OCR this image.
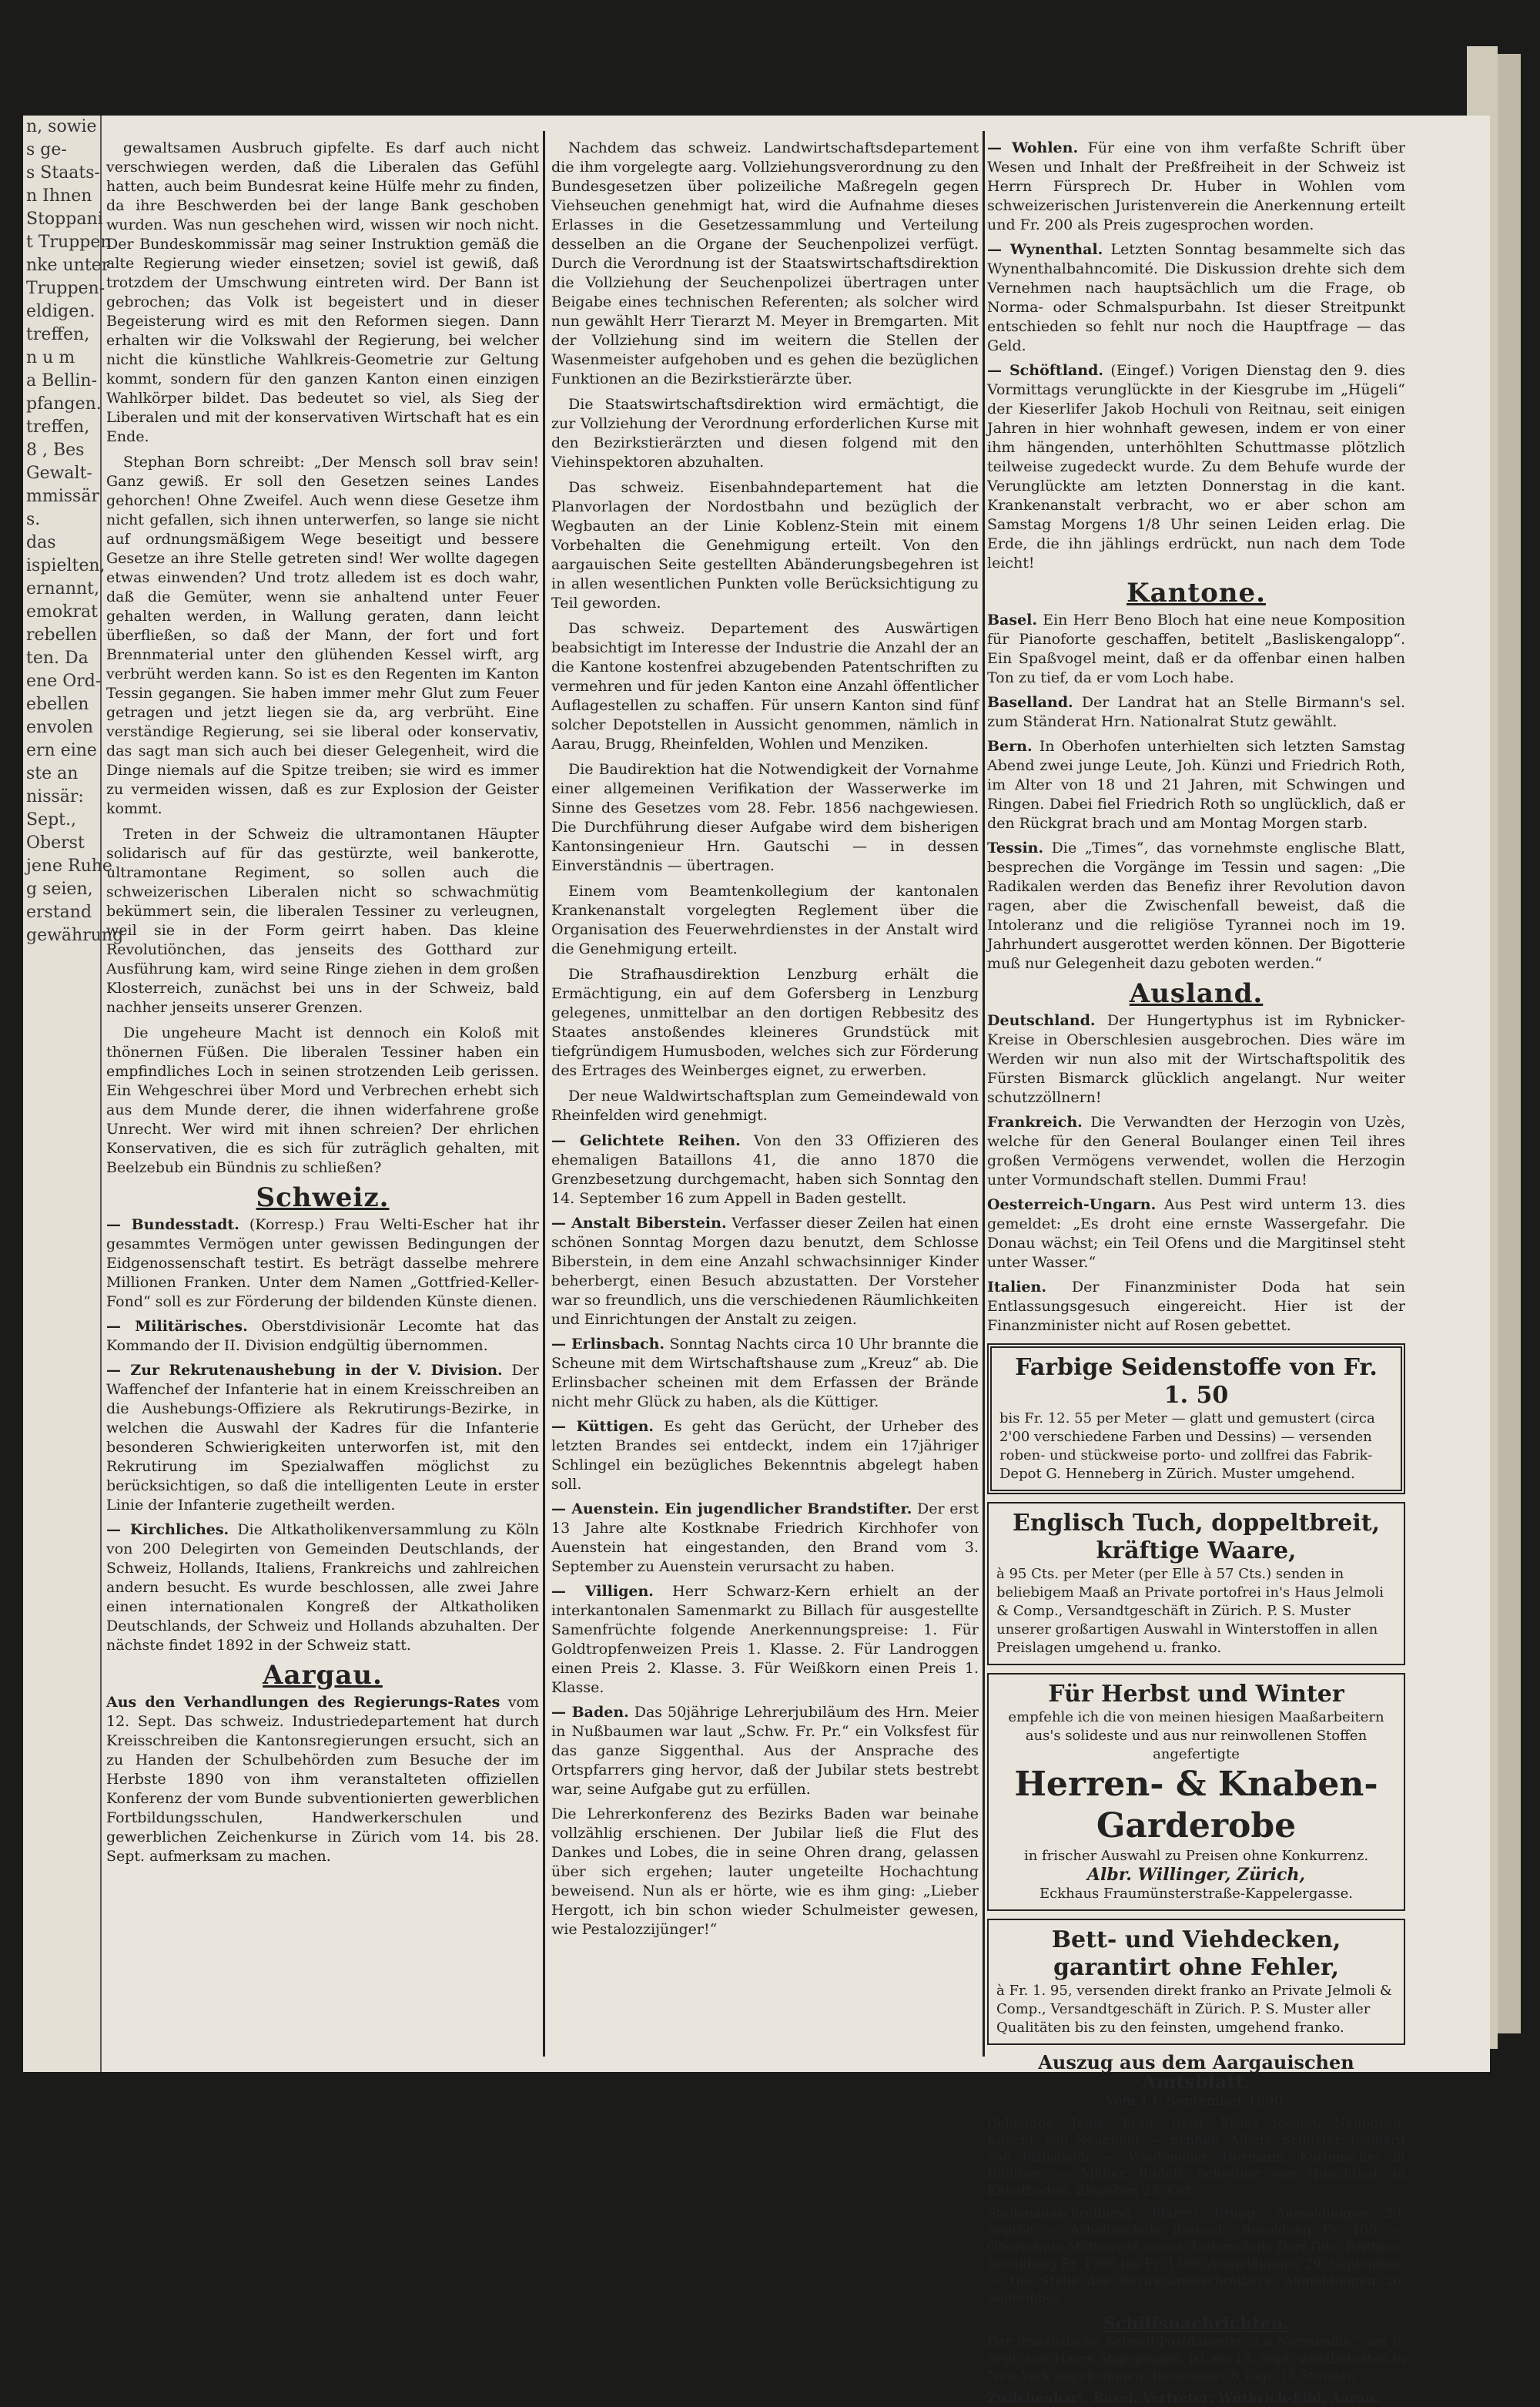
n, sowie

s ge-

s Staats-

n Ihnen

Stoppani

t Truppen

nke unter

Truppen-

eldigen.

treffen,

n u m

a Bellin-

pfangen.

treffen,

8 , Bes

Gewalt-

mmissär

s.

das

ispielten,

ernannt,

emokrat

rebellen

ten. Da

ene Ord-

ebellen

envolen

ern eine

ste an

nissär:

Sept.,

Oberst

jene Ruhe

g seien,

erstand

gewährung

gewaltsamen Ausbruch gipfelte. Es darf auch nicht verschwiegen werden, daß die Liberalen das Gefühl hatten, auch beim Bundesrat keine Hülfe mehr zu finden, da ihre Beschwerden bei der lange Bank geschoben wurden. Was nun geschehen wird, wissen wir noch nicht. Der Bundeskommissär mag seiner Instruktion gemäß die alte Regierung wieder einsetzen; soviel ist gewiß, daß trotzdem der Umschwung eintreten wird. Der Bann ist gebrochen; das Volk ist begeistert und in dieser Begeisterung wird es mit den Reformen siegen. Dann erhalten wir die Volkswahl der Regierung, bei welcher nicht die künstliche Wahlkreis-Geometrie zur Geltung kommt, sondern für den ganzen Kanton einen einzigen Wahlkörper bildet. Das bedeutet so viel, als Sieg der Liberalen und mit der konservativen Wirtschaft hat es ein Ende.

Stephan Born schreibt: „Der Mensch soll brav sein! Ganz gewiß. Er soll den Gesetzen seines Landes gehorchen! Ohne Zweifel. Auch wenn diese Gesetze ihm nicht gefallen, sich ihnen unterwerfen, so lange sie nicht auf ordnungsmäßigem Wege beseitigt und bessere Gesetze an ihre Stelle getreten sind! Wer wollte dagegen etwas einwenden? Und trotz alledem ist es doch wahr, daß die Gemüter, wenn sie anhaltend unter Feuer gehalten werden, in Wallung geraten, dann leicht überfließen, so daß der Mann, der fort und fort Brennmaterial unter den glühenden Kessel wirft, arg verbrüht werden kann. So ist es den Regenten im Kanton Tessin gegangen. Sie haben immer mehr Glut zum Feuer getragen und jetzt liegen sie da, arg verbrüht. Eine verständige Regierung, sei sie liberal oder konservativ, das sagt man sich auch bei dieser Gelegenheit, wird die Dinge niemals auf die Spitze treiben; sie wird es immer zu vermeiden wissen, daß es zur Explosion der Geister kommt.

Treten in der Schweiz die ultramontanen Häupter solidarisch auf für das gestürzte, weil bankerotte, ultramontane Regiment, so sollen auch die schweizerischen Liberalen nicht so schwachmütig bekümmert sein, die liberalen Tessiner zu verleugnen, weil sie in der Form geirrt haben. Das kleine Revolutiönchen, das jenseits des Gotthard zur Ausführung kam, wird seine Ringe ziehen in dem großen Klosterreich, zunächst bei uns in der Schweiz, bald nachher jenseits unserer Grenzen.

Die ungeheure Macht ist dennoch ein Koloß mit thönernen Füßen. Die liberalen Tessiner haben ein empfindliches Loch in seinen strotzenden Leib gerissen. Ein Wehgeschrei über Mord und Verbrechen erhebt sich aus dem Munde derer, die ihnen widerfahrene große Unrecht. Wer wird mit ihnen schreien? Der ehrlichen Konservativen, die es sich für zuträglich gehalten, mit Beelzebub ein Bündnis zu schließen?

Schweiz.
— Bundesstadt. (Korresp.) Frau Welti-Escher hat ihr gesammtes Vermögen unter gewissen Bedingungen der Eidgenossenschaft testirt. Es beträgt dasselbe mehrere Millionen Franken. Unter dem Namen „Gottfried-Keller-Fond“ soll es zur Förderung der bildenden Künste dienen.
— Militärisches. Oberstdivisionär Lecomte hat das Kommando der II. Division endgültig übernommen.
— Zur Rekrutenaushebung in der V. Division. Der Waffenchef der Infanterie hat in einem Kreisschreiben an die Aushebungs-Offiziere als Rekrutirungs-Bezirke, in welchen die Auswahl der Kadres für die Infanterie besonderen Schwierigkeiten unterworfen ist, mit den Rekrutirung im Spezialwaffen möglichst zu berücksichtigen, so daß die intelligenten Leute in erster Linie der Infanterie zugetheilt werden.
— Kirchliches. Die Altkatholikenversammlung zu Köln von 200 Delegirten von Gemeinden Deutschlands, der Schweiz, Hollands, Italiens, Frankreichs und zahlreichen andern besucht. Es wurde beschlossen, alle zwei Jahre einen internationalen Kongreß der Altkatholiken Deutschlands, der Schweiz und Hollands abzuhalten. Der nächste findet 1892 in der Schweiz statt.
Aargau.
Aus den Verhandlungen des Regierungs-Rates vom 12. Sept. Das schweiz. Industriedepartement hat durch Kreisschreiben die Kantonsregierungen ersucht, sich an zu Handen der Schulbehörden zum Besuche der im Herbste 1890 von ihm veranstalteten offiziellen Konferenz der vom Bunde subventionierten gewerblichen Fortbildungsschulen, Handwerkerschulen und gewerblichen Zeichenkurse in Zürich vom 14. bis 28. Sept. aufmerksam zu machen.

Nachdem das schweiz. Landwirtschaftsdepartement die ihm vorgelegte aarg. Vollziehungsverordnung zu den Bundesgesetzen über polizeiliche Maßregeln gegen Viehseuchen genehmigt hat, wird die Aufnahme dieses Erlasses in die Gesetzessammlung und Verteilung desselben an die Organe der Seuchenpolizei verfügt. Durch die Verordnung ist der Staatswirtschaftsdirektion die Vollziehung der Seuchenpolizei übertragen unter Beigabe eines technischen Referenten; als solcher wird nun gewählt Herr Tierarzt M. Meyer in Bremgarten. Mit der Vollziehung sind im weitern die Stellen der Wasenmeister aufgehoben und es gehen die bezüglichen Funktionen an die Bezirkstierärzte über.

Die Staatswirtschaftsdirektion wird ermächtigt, die zur Vollziehung der Verordnung erforderlichen Kurse mit den Bezirkstierärzten und diesen folgend mit den Viehinspektoren abzuhalten.

Das schweiz. Eisenbahndepartement hat die Planvorlagen der Nordostbahn und bezüglich der Wegbauten an der Linie Koblenz-Stein mit einem Vorbehalten die Genehmigung erteilt. Von den aargauischen Seite gestellten Abänderungsbegehren ist in allen wesentlichen Punkten volle Berücksichtigung zu Teil geworden.

Das schweiz. Departement des Auswärtigen beabsichtigt im Interesse der Industrie die Anzahl der an die Kantone kostenfrei abzugebenden Patentschriften zu vermehren und für jeden Kanton eine Anzahl öffentlicher Auflagestellen zu schaffen. Für unsern Kanton sind fünf solcher Depotstellen in Aussicht genommen, nämlich in Aarau, Brugg, Rheinfelden, Wohlen und Menziken.

Die Baudirektion hat die Notwendigkeit der Vornahme einer allgemeinen Verifikation der Wasserwerke im Sinne des Gesetzes vom 28. Febr. 1856 nachgewiesen. Die Durchführung dieser Aufgabe wird dem bisherigen Kantonsingenieur Hrn. Gautschi — in dessen Einverständnis — übertragen.

Einem vom Beamtenkollegium der kantonalen Krankenanstalt vorgelegten Reglement über die Organisation des Feuerwehrdienstes in der Anstalt wird die Genehmigung erteilt.

Die Strafhausdirektion Lenzburg erhält die Ermächtigung, ein auf dem Gofersberg in Lenzburg gelegenes, unmittelbar an den dortigen Rebbesitz des Staates anstoßendes kleineres Grundstück mit tiefgründigem Humusboden, welches sich zur Förderung des Ertrages des Weinberges eignet, zu erwerben.

Der neue Waldwirtschaftsplan zum Gemeindewald von Rheinfelden wird genehmigt.

— Gelichtete Reihen. Von den 33 Offizieren des ehemaligen Bataillons 41, die anno 1870 die Grenzbesetzung durchgemacht, haben sich Sonntag den 14. September 16 zum Appell in Baden gestellt.
— Anstalt Biberstein. Verfasser dieser Zeilen hat einen schönen Sonntag Morgen dazu benutzt, dem Schlosse Biberstein, in dem eine Anzahl schwachsinniger Kinder beherbergt, einen Besuch abzustatten. Der Vorsteher war so freundlich, uns die verschiedenen Räumlichkeiten und Einrichtungen der Anstalt zu zeigen.
— Erlinsbach. Sonntag Nachts circa 10 Uhr brannte die Scheune mit dem Wirtschaftshause zum „Kreuz“ ab. Die Erlinsbacher scheinen mit dem Erfassen der Brände nicht mehr Glück zu haben, als die Küttiger.
— Küttigen. Es geht das Gerücht, der Urheber des letzten Brandes sei entdeckt, indem ein 17jähriger Schlingel ein bezügliches Bekenntnis abgelegt haben soll.
— Auenstein. Ein jugendlicher Brandstifter. Der erst 13 Jahre alte Kostknabe Friedrich Kirchhofer von Auenstein hat eingestanden, den Brand vom 3. September zu Auenstein verursacht zu haben.
— Villigen. Herr Schwarz-Kern erhielt an der interkantonalen Samenmarkt zu Billach für ausgestellte Samenfrüchte folgende Anerkennungspreise: 1. Für Goldtropfenweizen Preis 1. Klasse. 2. Für Landroggen einen Preis 2. Klasse. 3. Für Weißkorn einen Preis 1. Klasse.
— Baden. Das 50jährige Lehrerjubiläum des Hrn. Meier in Nußbaumen war laut „Schw. Fr. Pr.“ ein Volksfest für das ganze Siggenthal. Aus der Ansprache des Ortspfarrers ging hervor, daß der Jubilar stets bestrebt war, seine Aufgabe gut zu erfüllen.
Die Lehrerkonferenz des Bezirks Baden war beinahe vollzählig erschienen. Der Jubilar ließ die Flut des Dankes und Lobes, die in seine Ohren drang, gelassen über sich ergehen; lauter ungeteilte Hochachtung beweisend. Nun als er hörte, wie es ihm ging: „Lieber Hergott, ich bin schon wieder Schulmeister gewesen, wie Pestalozzijünger!“
— Wohlen. Für eine von ihm verfaßte Schrift über Wesen und Inhalt der Preßfreiheit in der Schweiz ist Herrn Fürsprech Dr. Huber in Wohlen vom schweizerischen Juristenverein die Anerkennung erteilt und Fr. 200 als Preis zugesprochen worden.
— Wynenthal. Letzten Sonntag besammelte sich das Wynenthalbahncomité. Die Diskussion drehte sich dem Vernehmen nach hauptsächlich um die Frage, ob Norma- oder Schmalspurbahn. Ist dieser Streitpunkt entschieden so fehlt nur noch die Hauptfrage — das Geld.
— Schöftland. (Eingef.) Vorigen Dienstag den 9. dies Vormittags verunglückte in der Kiesgrube im „Hügeli“ der Kieserlifer Jakob Hochuli von Reitnau, seit einigen Jahren in hier wohnhaft gewesen, indem er von einer ihm hängenden, unterhöhlten Schuttmasse plötzlich teilweise zugedeckt wurde. Zu dem Behufe wurde der Verunglückte am letzten Donnerstag in die kant. Krankenanstalt verbracht, wo er aber schon am Samstag Morgens 1/8 Uhr seinen Leiden erlag. Die Erde, die ihn jählings erdrückt, nun nach dem Tode leicht!
Kantone.
Basel. Ein Herr Beno Bloch hat eine neue Komposition für Pianoforte geschaffen, betitelt „Basliskengalopp“. Ein Spaßvogel meint, daß er da offenbar einen halben Ton zu tief, da er vom Loch habe.
Baselland. Der Landrat hat an Stelle Birmann's sel. zum Ständerat Hrn. Nationalrat Stutz gewählt.
Bern. In Oberhofen unterhielten sich letzten Samstag Abend zwei junge Leute, Joh. Künzi und Friedrich Roth, im Alter von 18 und 21 Jahren, mit Schwingen und Ringen. Dabei fiel Friedrich Roth so unglücklich, daß er den Rückgrat brach und am Montag Morgen starb.
Tessin. Die „Times“, das vornehmste englische Blatt, besprechen die Vorgänge im Tessin und sagen: „Die Radikalen werden das Benefiz ihrer Revolution davon ragen, aber die Zwischenfall beweist, daß die Intoleranz und die religiöse Tyrannei noch im 19. Jahrhundert ausgerottet werden können. Der Bigotterie muß nur Gelegenheit dazu geboten werden.“
Ausland.
Deutschland. Der Hungertyphus ist im Rybnicker-Kreise in Oberschlesien ausgebrochen. Dies wäre im Werden wir nun also mit der Wirtschaftspolitik des Fürsten Bismarck glücklich angelangt. Nur weiter schutzzöllnern!
Frankreich. Die Verwandten der Herzogin von Uzès, welche für den General Boulanger einen Teil ihres großen Vermögens verwendet, wollen die Herzogin unter Vormundschaft stellen. Dummi Frau!
Oesterreich-Ungarn. Aus Pest wird unterm 13. dies gemeldet: „Es droht eine ernste Wassergefahr. Die Donau wächst; ein Teil Ofens und die Margitinsel steht unter Wasser.“
Italien. Der Finanzminister Doda hat sein Entlassungsgesuch eingereicht. Hier ist der Finanzminister nicht auf Rosen gebettet.
Farbige Seidenstoffe von Fr. 1. 50
bis Fr. 12. 55 per Meter — glatt und gemustert (circa 2'00 verschiedene Farben und Dessins) — versenden roben- und stückweise porto- und zollfrei das Fabrik-Depot G. Henneberg in Zürich. Muster umgehend.
Englisch Tuch, doppeltbreit, kräftige Waare,
à 95 Cts. per Meter (per Elle à 57 Cts.) senden in beliebigem Maaß an Private portofrei in's Haus Jelmoli & Comp., Versandtgeschäft in Zürich. P. S. Muster unserer großartigen Auswahl in Winterstoffen in allen Preislagen umgehend u. franko.
Für Herbst und Winter
empfehle ich die von meinen hiesigen Maaßarbeitern aus's solideste und aus nur reinwollenen Stoffen angefertigte
Herren- & Knaben-Garderobe
in frischer Auswahl zu Preisen ohne Konkurrenz.
Albr. Willinger, Zürich,
Eckhaus Fraumünsterstraße-Kappelergasse.
Bett- und Viehdecken, garantirt ohne Fehler,
à Fr. 1. 95, versenden direkt franko an Private Jelmoli & Comp., Versandtgeschäft in Zürich. P. S. Muster aller Qualitäten bis zu den feinsten, umgehend franko.
Auszug aus dem Aargauischen Amtsblatt.
Vom 13. September 1890.
Geldstage. Jehle, Frau, Bern, Franz Joseph, Neuburen, Knecht, von Neuenhof. — Schnell, Albert, Schuster, Leonard von Fislisbach. — Wiedemeier, Hermann, Korbmacher in Biblikon. — Müller, Rudolf, Schreiner von Hirschthal, in Ennetbaden. Eingaben 25. Okt.
Stellenausschreibung. Pfarrei Brugg. Anmeldungen 29. Septbr. — Arbeitsschule Reinach. Besoldung Fr. 100. — Oberschule Möttenwyl, event. Unterschule Dorf Gde. Brittnau. Besoldung Fr. 1200 bis Fr. 1300. Anmeldungen 29. September. — Die Stelle des Bezirksamtsschreibers. Anmeldungen 30. September.
Schiffsnachrichten.
Der französische Schnell-Postdampfer „La Normandie“, am 6. Sept. von Havre abgegangen, ist am 15. Sept. wohlbehalten in New-York angekommen. Reisedauer 8 Tage 15 Stunden.
Zwilchenbart, Basel. Vertreter: Wüthrich-Eibl, Aarau.
